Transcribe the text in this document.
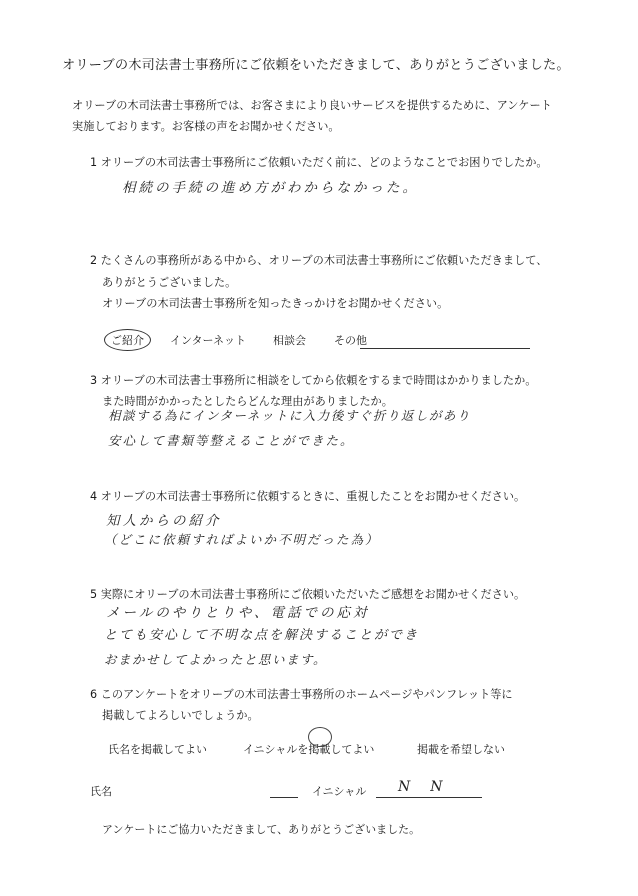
オリーブの木司法書士事務所にご依頼をいただきまして、ありがとうございました。
オリーブの木司法書士事務所では、お客さまにより良いサービスを提供するために、アンケート
実施しております。お客様の声をお聞かせください。
1 オリーブの木司法書士事務所にご依頼いただく前に、どのようなことでお困りでしたか。
相続の手続の進め方がわからなかった。
2 たくさんの事務所がある中から、オリーブの木司法書士事務所にご依頼いただきまして、
ありがとうございました。
オリーブの木司法書士事務所を知ったきっかけをお聞かせください。
ご紹介	インターネット 相談会	その他
3 オリーブの木司法書士事務所に相談をしてから依頼をするまで時間はかかりましたか。
また時間がかかったとしたらどんな理由がありましたか。
相談する為にインターネットに入力後すぐ折り返しがあり
安心して書類等整えることができた。
4 オリーブの木司法書士事務所に依頼するときに、重視したことをお聞かせください。
知人からの紹介
（どこに依頼すればよいか不明だった為）
5 実際にオリーブの木司法書士事務所にご依頼いただいたご感想をお聞かせください。
メールのやりとりや、電話での応対
とても安心して不明な点を解決することができ
おまかせしてよかったと思います。
6 このアンケートをオリーブの木司法書士事務所のホームページやパンフレット等に
掲載してよろしいでしょうか。
氏名を掲載してよい	イニシャルを掲載してよい	掲載を希望しない
氏名	イニシャル N　N
アンケートにご協力いただきまして、ありがとうございました。
